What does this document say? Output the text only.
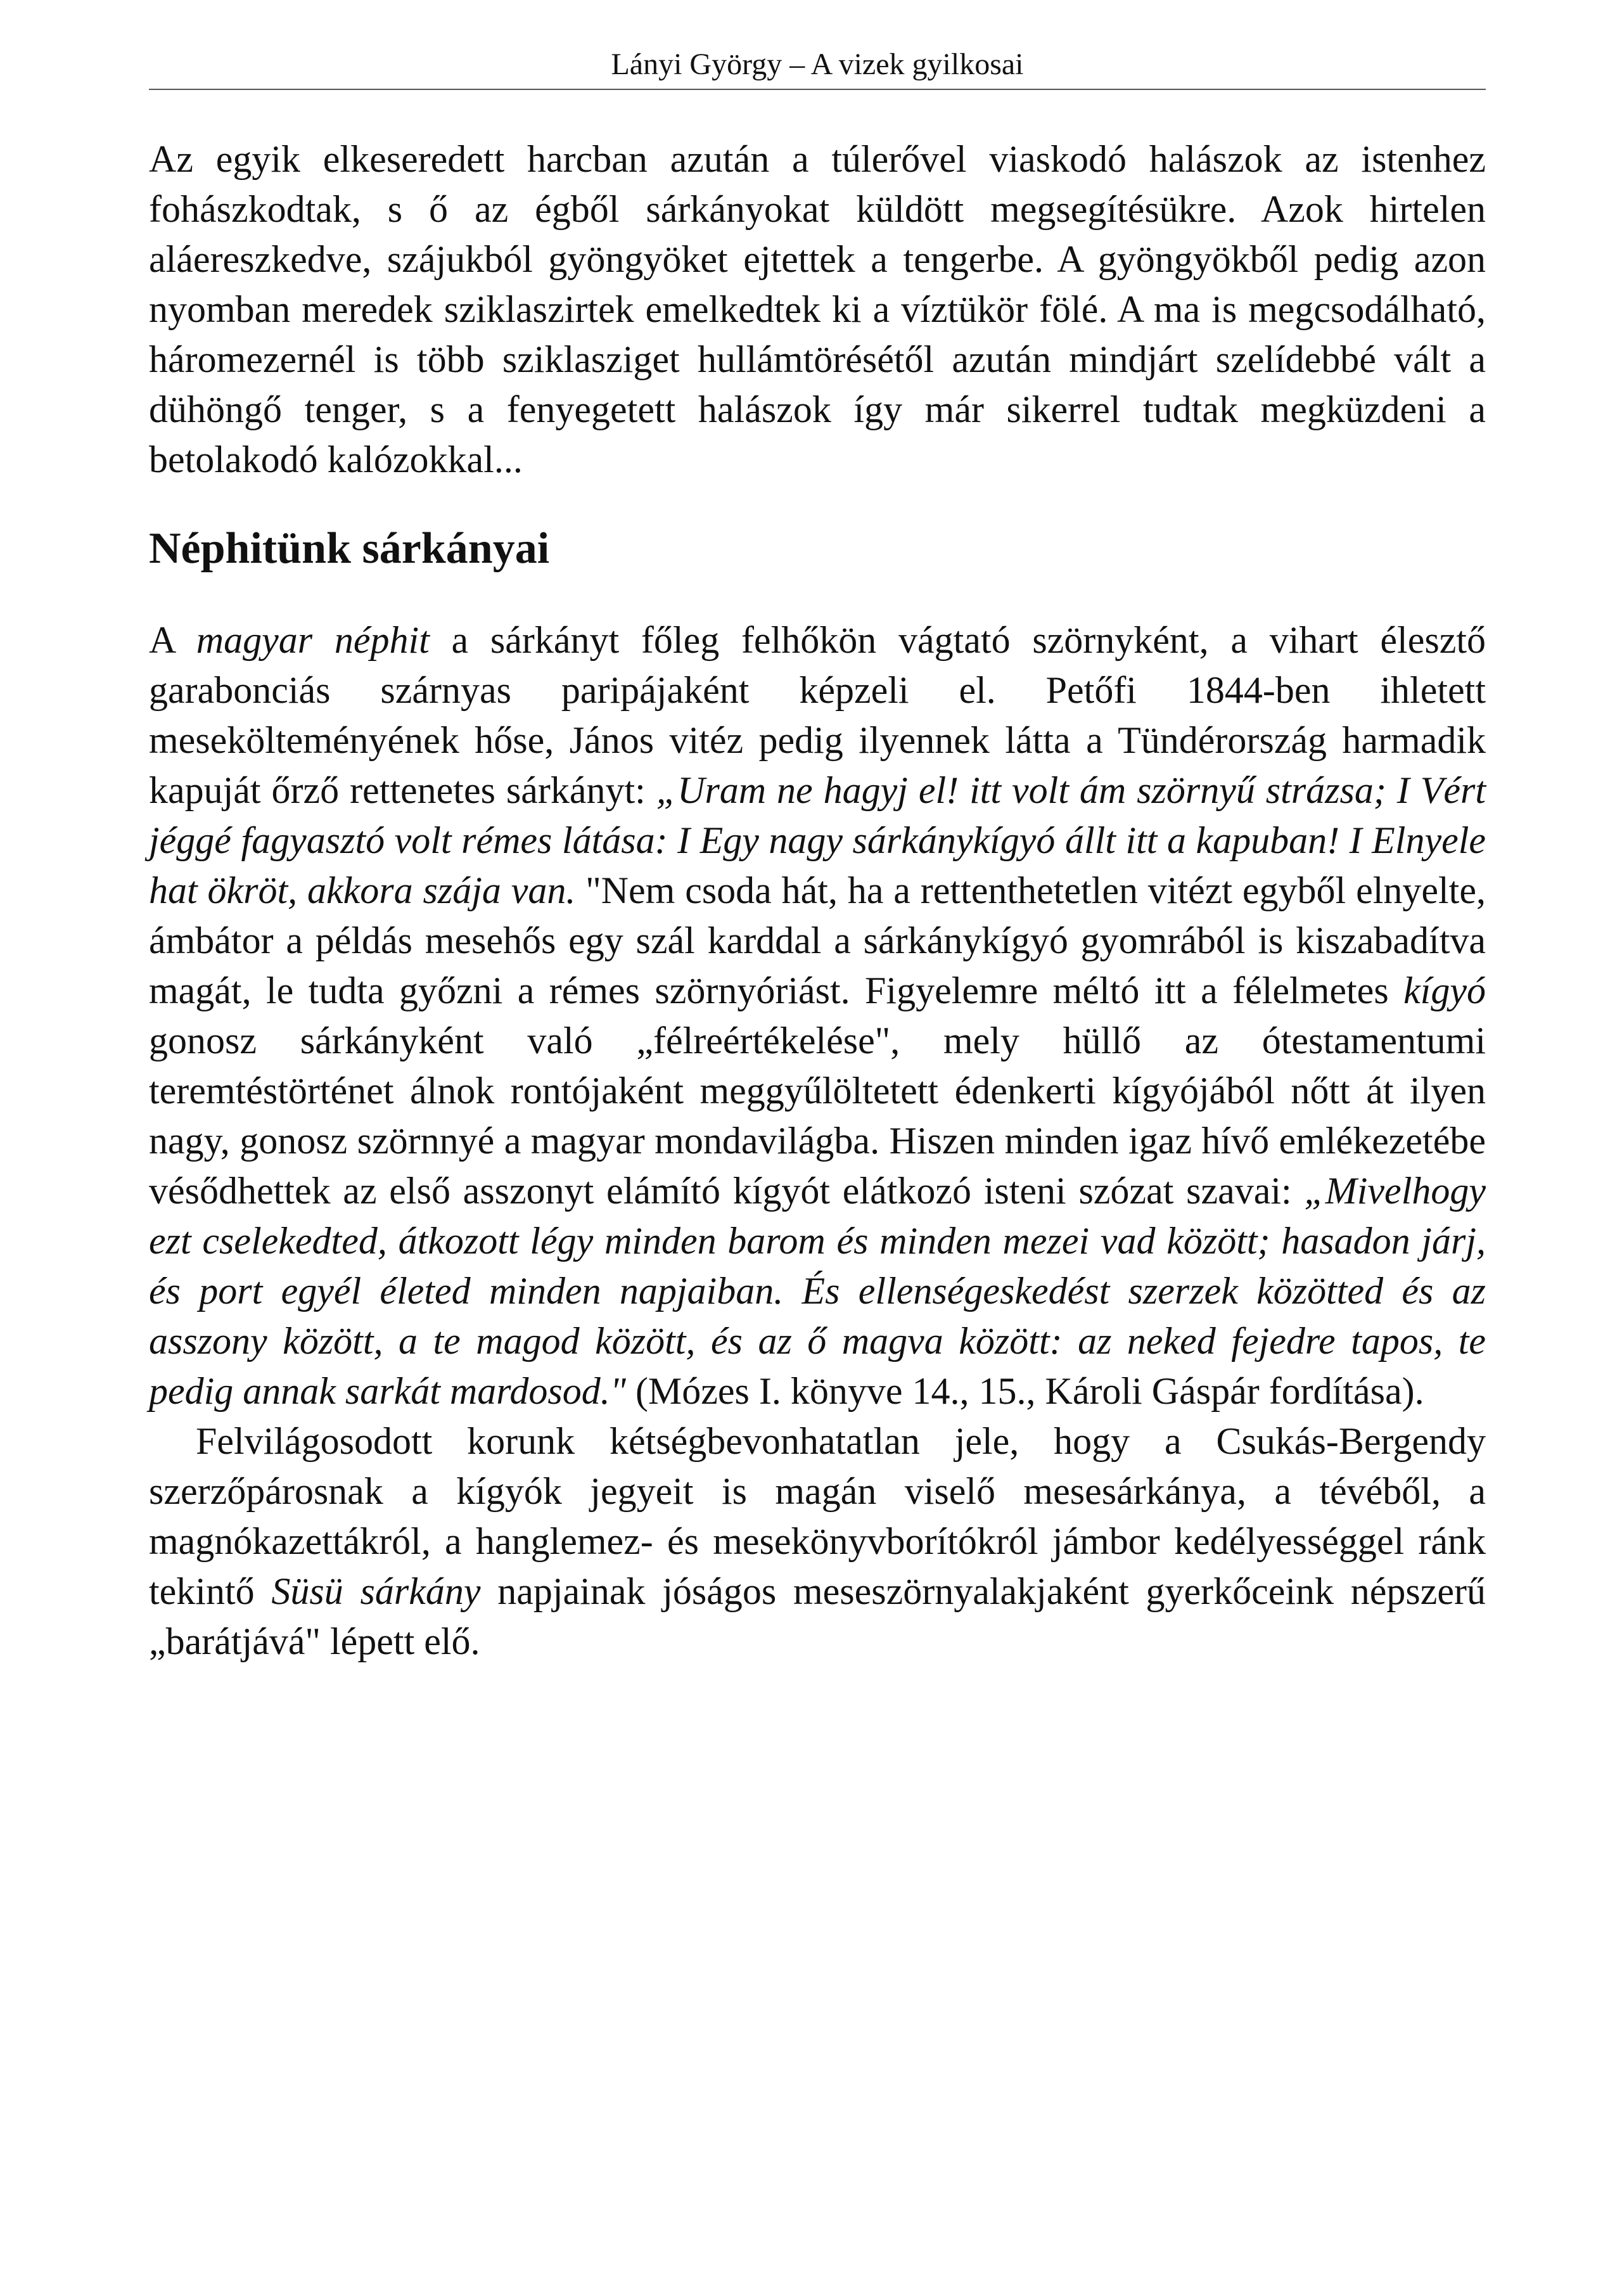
Lányi György – A vizek gyilkosai

Az egyik elkeseredett harcban azután a túlerővel viaskodó halászok az istenhez fohászkodtak, s ő az égből sárkányokat küldött megsegítésükre. Azok hirtelen aláereszkedve, szájukból gyöngyöket ejtettek a tengerbe. A gyöngyökből pedig azon nyomban meredek sziklaszirtek emelkedtek ki a víztükör fölé. A ma is megcsodálható, háromezernél is több sziklasziget hullámtörésétől azután mindjárt szelídebbé vált a dühöngő tenger, s a fenyegetett halászok így már sikerrel tudtak megküzdeni a betolakodó kalózokkal...

Néphitünk sárkányai

A magyar néphit a sárkányt főleg felhőkön vágtató szörnyként, a vihart élesztő garabonciás szárnyas paripájaként képzeli el. Petőfi 1844-ben ihletett mesekölteményének hőse, János vitéz pedig ilyennek látta a Tündérország harmadik kapuját őrző rettenetes sárkányt: „Uram ne hagyj el! itt volt ám szörnyű strázsa; I Vért jéggé fagyasztó volt rémes látása: I Egy nagy sárkánykígyó állt itt a kapuban! I Elnyele hat ökröt, akkora szája van. "Nem csoda hát, ha a rettenthetetlen vitézt egyből elnyelte, ámbátor a példás mesehős egy szál karddal a sárkánykígyó gyomrából is kiszabadítva magát, le tudta győzni a rémes szörnyóriást. Figyelemre méltó itt a félelmetes kígyó gonosz sárkányként való „félreértékelése", mely hüllő az ótestamentumi teremtéstörténet álnok rontójaként meggyűlöltetett édenkerti kígyójából nőtt át ilyen nagy, gonosz szörnnyé a magyar mondavilágba. Hiszen minden igaz hívő emlékezetébe vésődhettek az első asszonyt elámító kígyót elátkozó isteni szózat szavai: „Mivelhogy ezt cselekedted, átkozott légy minden barom és minden mezei vad között; hasadon járj, és port egyél életed minden napjaiban. És ellenségeskedést szerzek közötted és az asszony között, a te magod között, és az ő magva között: az neked fejedre tapos, te pedig annak sarkát mardosod." (Mózes I. könyve 14., 15., Károli Gáspár fordítása).

Felvilágosodott korunk kétségbevonhatatlan jele, hogy a Csukás-Bergendy szerzőpárosnak a kígyók jegyeit is magán viselő mesesárkánya, a tévéből, a magnókazettákról, a hanglemez- és mesekönyvborítókról jámbor kedélyességgel ránk tekintő Süsü sárkány napjainak jóságos meseszörnyalakjaként gyerkőceink népszerű „barátjává" lépett elő.
